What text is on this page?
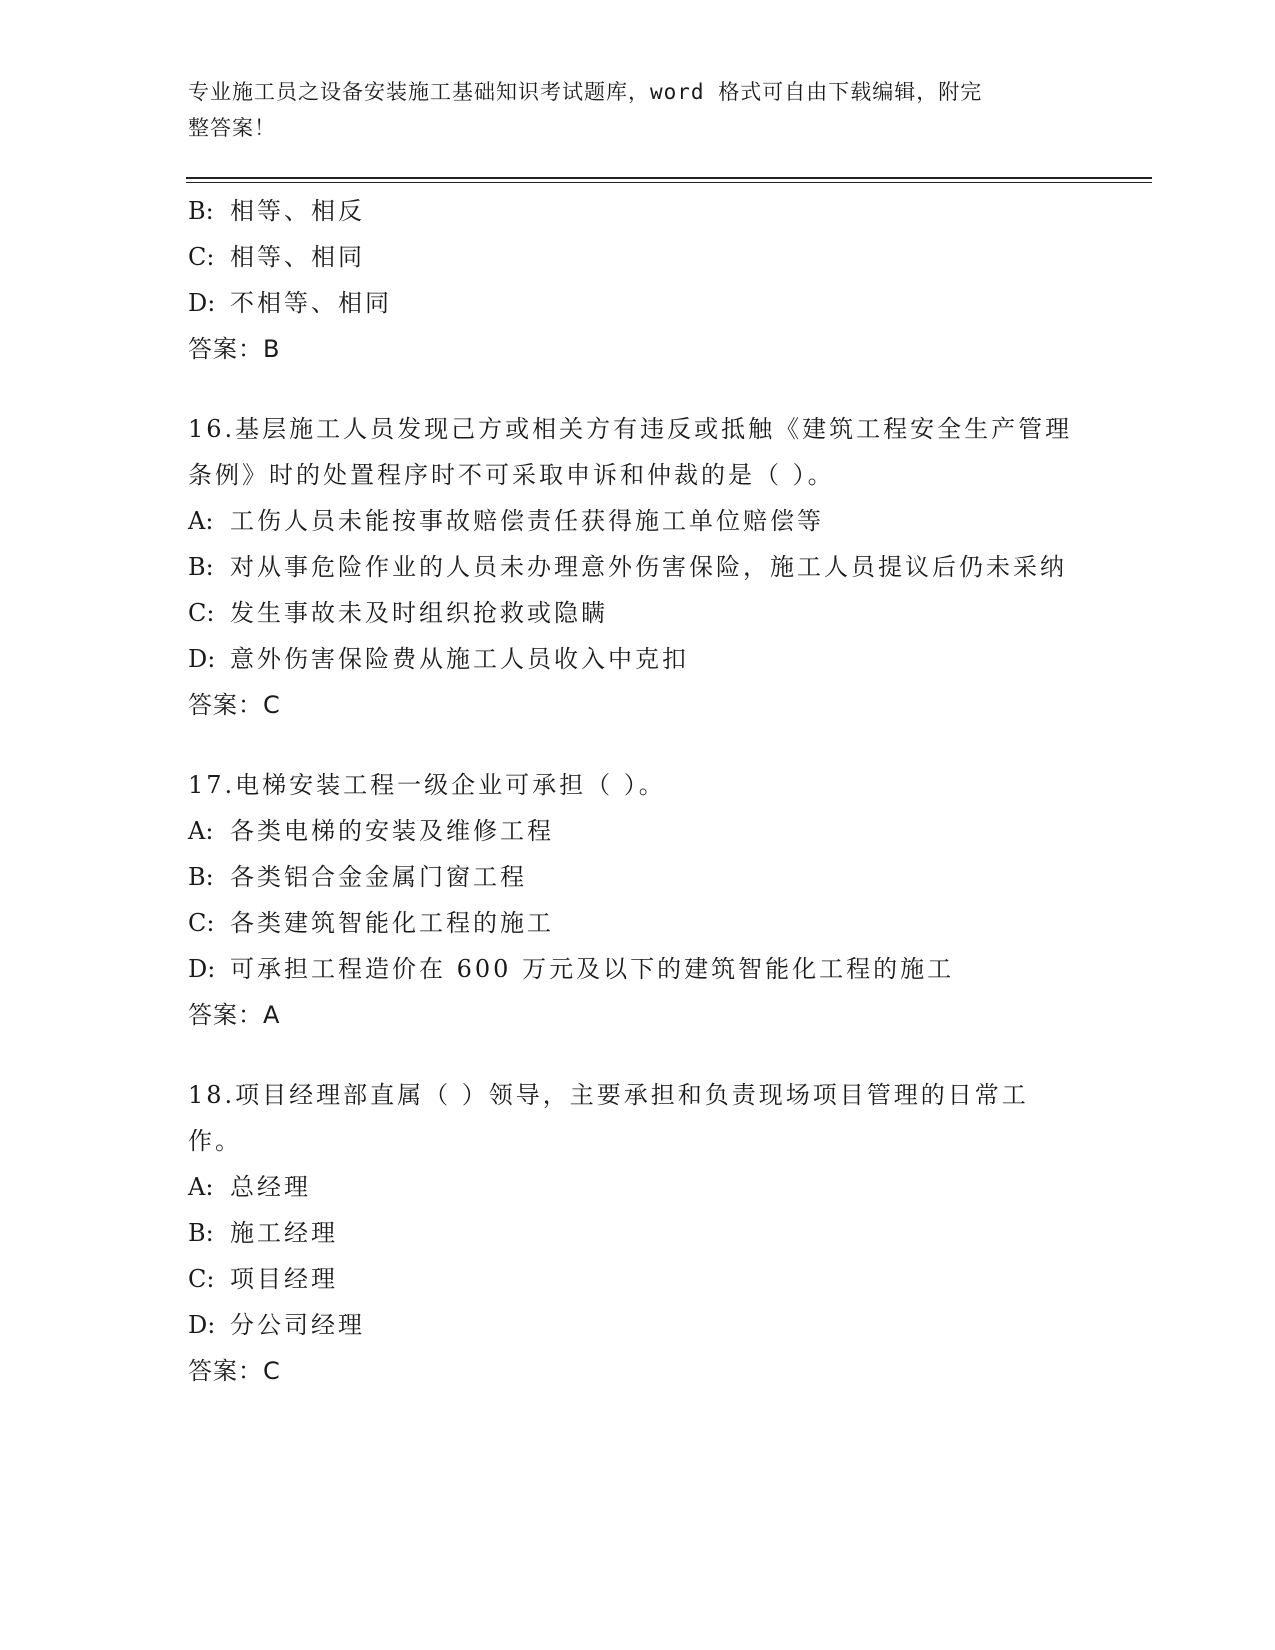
专业施工员之设备安装施工基础知识考试题库，word 格式可自由下载编辑，附完
整答案！
B: 相等、相反
C: 相等、相同
D: 不相等、相同
答案：B
16.基层施工人员发现己方或相关方有违反或抵触《建筑工程安全生产管理条例》时的处置程序时不可采取申诉和仲裁的是（ ）。
A: 工伤人员未能按事故赔偿责任获得施工单位赔偿等
B: 对从事危险作业的人员未办理意外伤害保险，施工人员提议后仍未采纳
C: 发生事故未及时组织抢救或隐瞒
D: 意外伤害保险费从施工人员收入中克扣
答案：C
17.电梯安装工程一级企业可承担（ ）。
A: 各类电梯的安装及维修工程
B: 各类铝合金金属门窗工程
C: 各类建筑智能化工程的施工
D: 可承担工程造价在 600 万元及以下的建筑智能化工程的施工
答案：A
18.项目经理部直属（ ）领导，主要承担和负责现场项目管理的日常工作。
A: 总经理
B: 施工经理
C: 项目经理
D: 分公司经理
答案：C
